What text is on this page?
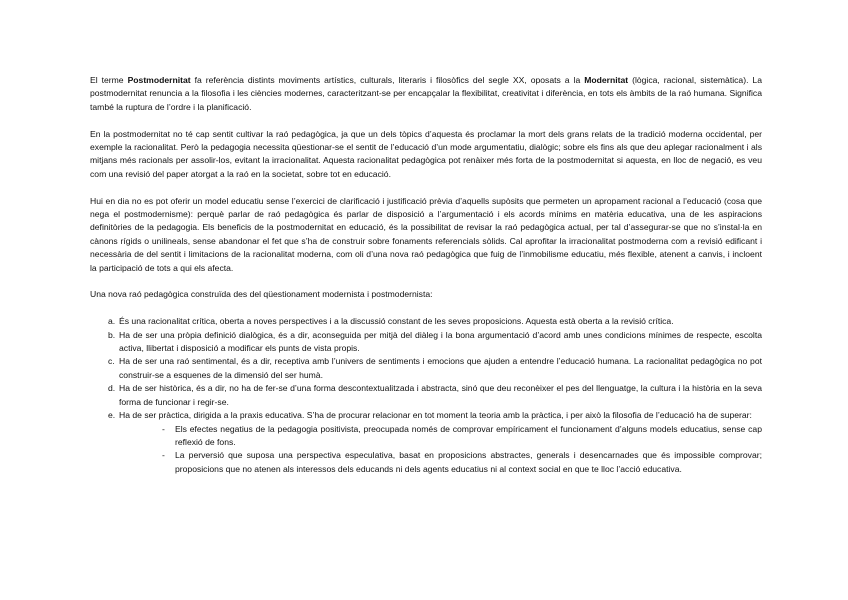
El terme Postmodernitat fa referència distints moviments artístics, culturals, literaris i filosòfics del segle XX, oposats a la Modernitat (lògica, racional, sistemàtica). La postmodernitat renuncia a la filosofia i les ciències modernes, caracteritzant-se per encapçalar la flexibilitat, creativitat i diferència, en tots els àmbits de la raó humana. Significa també la ruptura de l’ordre i la planificació.

En la postmodernitat no té cap sentit cultivar la raó pedagògica, ja que un dels tòpics d’aquesta és proclamar la mort dels grans relats de la tradició moderna occidental, per exemple la racionalitat. Però la pedagogia necessita qüestionar-se el sentit de l’educació d’un mode argumentatiu, dialògic; sobre els fins als que deu aplegar racionalment i als mitjans més racionals per assolir-los, evitant la irracionalitat. Aquesta racionalitat pedagògica pot renàixer més forta de la postmodernitat si aquesta, en lloc de negació, es veu com una revisió del paper atorgat a la raó en la societat, sobre tot en educació.

Hui en dia no es pot oferir un model educatiu sense l’exercici de clarificació i justificació prèvia d’aquells supòsits que permeten un apropament racional a l’educació (cosa que nega el postmodernisme): perquè parlar de raó pedagògica és parlar de disposició a l’argumentació i els acords mínims en matèria educativa, una de les aspiracions definitòries de la pedagogia. Els beneficis de la postmodernitat en educació, és la possibilitat de revisar la raó pedagògica actual, per tal d’assegurar-se que no s’instal·la en cànons rígids o unilineals, sense abandonar el fet que s’ha de construir sobre fonaments referencials sòlids. Cal aprofitar la irracionalitat postmoderna com a revisió edificant i necessària de del sentit i limitacions de la racionalitat moderna, com oli d’una nova raó pedagògica que fuig de l’inmobilisme educatiu, més flexible, atenent a canvis, i incloent la participació de tots a qui els afecta.

Una nova raó pedagògica construïda des del qüestionament modernista i postmodernista:

a. És una racionalitat crítica, oberta a noves perspectives i a la discussió constant de les seves proposicions. Aquesta està oberta a la revisió crítica.
b. Ha de ser una pròpia definició dialògica, és a dir, aconseguida per mitjà del diàleg i la bona argumentació d’acord amb unes condicions mínimes de respecte, escolta activa, llibertat i disposició a modificar els punts de vista propis.
c. Ha de ser una raó sentimental, és a dir, receptiva amb l’univers de sentiments i emocions que ajuden a entendre l’educació humana. La racionalitat pedagògica no pot construir-se a esquenes de la dimensió del ser humà.
d. Ha de ser històrica, és a dir, no ha de fer-se d’una forma descontextualitzada i abstracta, sinó que deu reconèixer el pes del llenguatge, la cultura i la història en la seva forma de funcionar i regir-se.
e. Ha de ser pràctica, dirigida a la praxis educativa. S’ha de procurar relacionar en tot moment la teoria amb la pràctica, i per això la filosofia de l’educació ha de superar:
- Els efectes negatius de la pedagogia positivista, preocupada només de comprovar empíricament el funcionament d’alguns models educatius, sense cap reflexió de fons.
- La perversió que suposa una perspectiva especulativa, basat en proposicions abstractes, generals i desencarnades que és impossible comprovar; proposicions que no atenen als interessos dels educands ni dels agents educatius ni al context social en que te lloc l’acció educativa.
